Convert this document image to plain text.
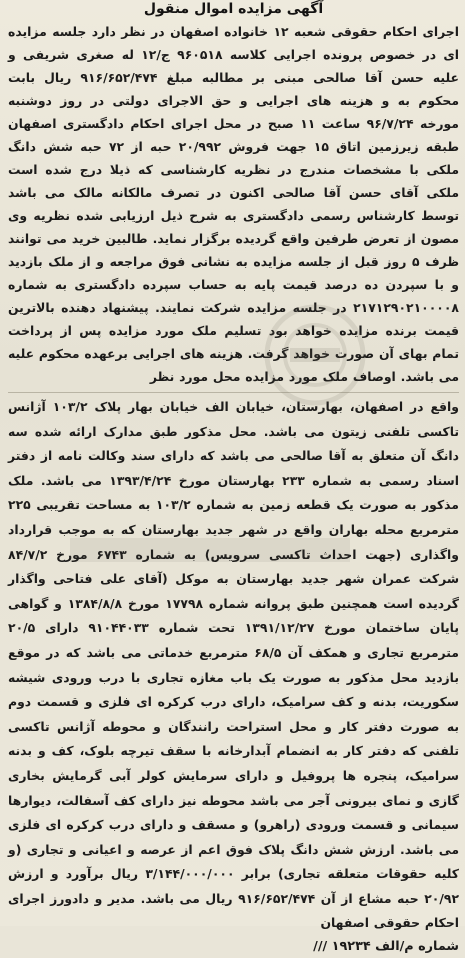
آگهی مزایده اموال منقول
اجرای احکام حقوقی شعبه ۱۲ خانواده اصفهان در نظر دارد جلسه مزایده ای در خصوص پرونده اجرایی کلاسه ۹۶۰۵۱۸ ج/۱۲ له صغری شریفی و علیه حسن آقا صالحی مبنی بر مطالبه مبلغ ۹۱۶/۶۵۲/۴۷۴ ریال بابت محکوم به و هزینه های اجرایی و حق الاجرای دولتی در روز دوشنبه مورخه ۹۶/۷/۲۴ ساعت ۱۱ صبح در محل اجرای احکام دادگستری اصفهان طبقه زیرزمین اتاق ۱۵ جهت فروش ۲۰/۹۹۲ حبه از ۷۲ حبه شش دانگ ملکی با مشخصات مندرج در نظریه کارشناسی که ذیلا درج شده است ملکی آقای حسن آقا صالحی اکنون در تصرف مالکانه مالک می باشد توسط کارشناس رسمی دادگستری به شرح ذیل ارزیابی شده نظریه وی مصون از تعرض طرفین واقع گردیده برگزار نماید. طالبین خرید می توانند ظرف ۵ روز قبل از جلسه مزایده به نشانی فوق مراجعه و از ملک بازدید و با سپردن ده درصد قیمت پایه به حساب سپرده دادگستری به شماره ۲۱۷۱۲۹۰۲۱۰۰۰۰۸ در جلسه مزایده شرکت نمایند. پیشنهاد دهنده بالاترین قیمت برنده مزایده خواهد بود تسلیم ملک مورد مزایده پس از پرداخت تمام بهای آن صورت خواهد گرفت. هزینه های اجرایی برعهده محکوم علیه می باشد. اوصاف ملک مورد مزایده محل مورد نظر
واقع در اصفهان، بهارستان، خیابان الف خیابان بهار پلاک ۱۰۳/۲ آژانس تاکسی تلفنی زیتون می باشد. محل مذکور طبق مدارک ارائه شده سه دانگ آن متعلق به آقا صالحی می باشد که دارای سند وکالت نامه از دفتر اسناد رسمی به شماره ۲۳۳ بهارستان مورخ ۱۳۹۳/۴/۲۴ می باشد. ملک مذکور به صورت یک قطعه زمین به شماره ۱۰۳/۲ به مساحت تقریبی ۲۲۵ مترمربع محله بهاران واقع در شهر جدید بهارستان که به موجب قرارداد واگذاری (جهت احداث تاکسی سرویس) به شماره ۶۷۴۳ مورخ ۸۴/۷/۲ شرکت عمران شهر جدید بهارستان به موکل (آقای علی فتاحی واگذار گردیده است همچنین طبق پروانه شماره ۱۷۷۹۸ مورخ ۱۳۸۴/۸/۸ و گواهی پایان ساختمان مورخ ۱۳۹۱/۱۲/۲۷ تحت شماره ۹۱۰۴۴۰۳۳ دارای ۲۰/۵ مترمربع تجاری و همکف آن ۶۸/۵ مترمربع خدماتی می باشد که در موقع بازدید محل مذکور به صورت یک باب مغازه تجاری با درب ورودی شیشه سکوریت، بدنه و کف سرامیک، دارای درب کرکره ای فلزی و قسمت دوم به صورت دفتر کار و محل استراحت رانندگان و محوطه آژانس تاکسی تلفنی که دفتر کار به انضمام آبدارخانه با سقف تیرچه بلوک، کف و بدنه سرامیک، پنجره ها پروفیل و دارای سرمایش کولر آبی گرمایش بخاری گازی و نمای بیرونی آجر می باشد محوطه نیز دارای کف آسفالت، دیوارها سیمانی و قسمت ورودی (راهرو) و مسقف و دارای درب کرکره ای فلزی می باشد. ارزش شش دانگ پلاک فوق اعم از عرصه و اعیانی و تجاری (و کلیه حقوقات متعلقه تجاری) برابر ۳/۱۴۴/۰۰۰/۰۰۰ ریال برآورد و ارزش ۲۰/۹۲ حبه مشاع از آن ۹۱۶/۶۵۲/۴۷۴ ریال می باشد. مدیر و دادورز اجرای احکام حقوقی اصفهان
شماره م/الف ۱۹۲۳۴ ///
